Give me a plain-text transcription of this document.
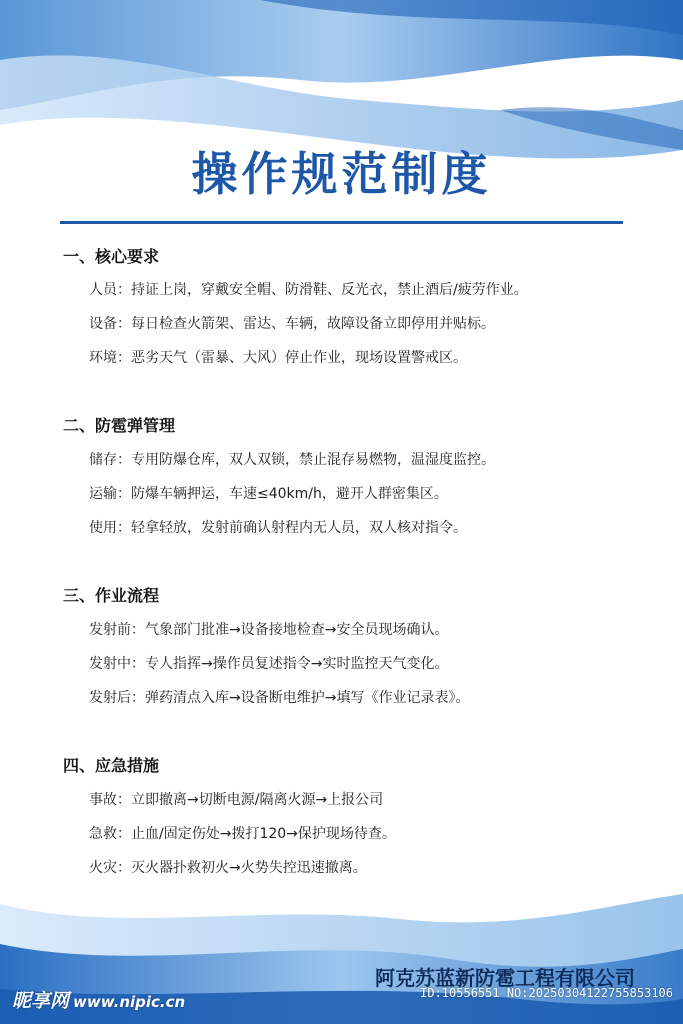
操作规范制度
一、核心要求
人员：持证上岗，穿戴安全帽、防滑鞋、反光衣，禁止酒后/疲劳作业。
设备：每日检查火箭架、雷达、车辆，故障设备立即停用并贴标。
环境：恶劣天气（雷暴、大风）停止作业，现场设置警戒区。
二、防雹弹管理
储存：专用防爆仓库，双人双锁，禁止混存易燃物，温湿度监控。
运输：防爆车辆押运，车速≤40km/h，避开人群密集区。
使用：轻拿轻放，发射前确认射程内无人员，双人核对指令。
三、作业流程
发射前：气象部门批准→设备接地检查→安全员现场确认。
发射中：专人指挥→操作员复述指令→实时监控天气变化。
发射后：弹药清点入库→设备断电维护→填写《作业记录表》。
四、应急措施
事故：立即撤离→切断电源/隔离火源→上报公司
急救：止血/固定伤处→拨打120→保护现场待查。
火灾：灭火器扑救初火→火势失控迅速撤离。
阿克苏蓝新防雹工程有限公司
昵享网 www.nipic.cn	ID:10556551 NO:20250304122755853106
